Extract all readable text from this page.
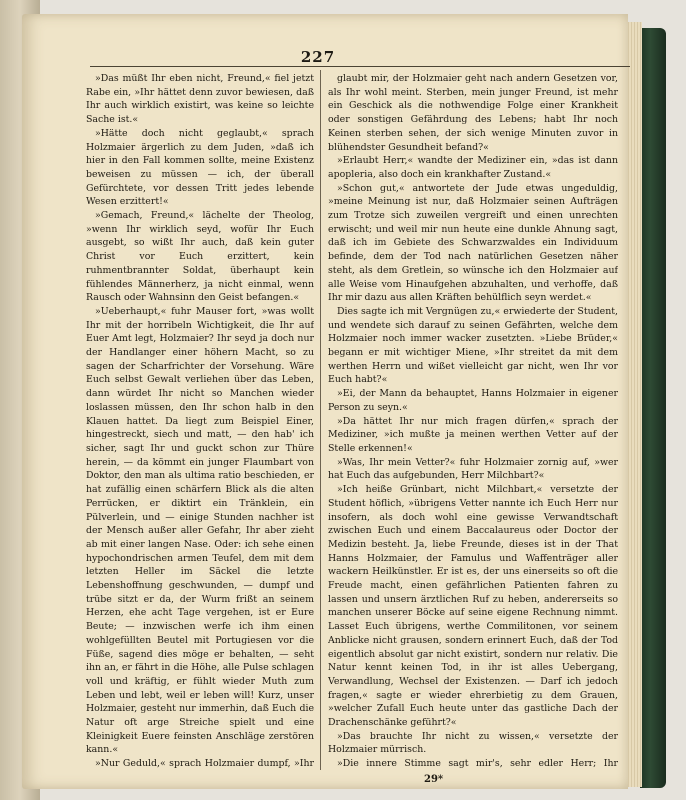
227

»Das müßt Ihr eben nicht, Freund,« fiel jetzt Rabe ein, »Ihr hättet denn zuvor bewiesen, daß Ihr auch wirklich existirt, was keine so leichte Sache ist.«

»Hätte doch nicht geglaubt,« sprach Holzmaier ärgerlich zu dem Juden, »daß ich hier in den Fall kommen sollte, meine Existenz beweisen zu müssen — ich, der überall Gefürchtete, vor dessen Tritt jedes lebende Wesen erzittert!«

»Gemach, Freund,« lächelte der Theolog, »wenn Ihr wirklich seyd, wofür Ihr Euch ausgebt, so wißt Ihr auch, daß kein guter Christ vor Euch erzittert, kein ruhmentbrannter Soldat, überhaupt kein fühlendes Männerherz, ja nicht einmal, wenn Rausch oder Wahnsinn den Geist befangen.«

»Ueberhaupt,« fuhr Mauser fort, »was wollt Ihr mit der horribeln Wichtigkeit, die Ihr auf Euer Amt legt, Holzmaier? Ihr seyd ja doch nur der Handlanger einer höhern Macht, so zu sagen der Scharfrichter der Vorsehung. Wäre Euch selbst Gewalt verliehen über das Leben, dann würdet Ihr nicht so Manchen wieder loslassen müssen, den Ihr schon halb in den Klauen hattet. Da liegt zum Beispiel Einer, hingestreckt, siech und matt, — den hab' ich sicher, sagt Ihr und guckt schon zur Thüre herein, — da kömmt ein junger Flaumbart von Doktor, den man als ultima ratio beschieden, er hat zufällig einen schärfern Blick als die alten Perrücken, er diktirt ein Tränklein, ein Pülverlein, und — einige Stunden nachher ist der Mensch außer aller Gefahr, Ihr aber zieht ab mit einer langen Nase. Oder: ich sehe einen hypochondrischen armen Teufel, dem mit dem letzten Heller im Säckel die letzte Lebenshoffnung geschwunden, — dumpf und trübe sitzt er da, der Wurm frißt an seinem Herzen, ehe acht Tage vergehen, ist er Eure Beute; — inzwischen werfe ich ihm einen wohlgefüllten Beutel mit Portugiesen vor die Füße, sagend dies möge er behalten, — seht ihn an, er fährt in die Höhe, alle Pulse schlagen voll und kräftig, er fühlt wieder Muth zum Leben und lebt, weil er leben will! Kurz, unser Holzmaier, gesteht nur immerhin, daß Euch die Natur oft arge Streiche spielt und eine Kleinigkeit Euere feinsten Anschläge zerstören kann.«

»Nur Geduld,« sprach Holzmaier dumpf, »Ihr

glaubt mir, der Holzmaier geht nach andern Gesetzen vor, als Ihr wohl meint. Sterben, mein junger Freund, ist mehr ein Geschick als die nothwendige Folge einer Krankheit oder sonstigen Gefährdung des Lebens; habt Ihr noch Keinen sterben sehen, der sich wenige Minuten zuvor in blühendster Gesundheit befand?«

»Erlaubt Herr,« wandte der Mediziner ein, »das ist dann apopleria, also doch ein krankhafter Zustand.«

»Schon gut,« antwortete der Jude etwas ungeduldig, »meine Meinung ist nur, daß Holzmaier seinen Aufträgen zum Trotze sich zuweilen vergreift und einen unrechten erwischt; und weil mir nun heute eine dunkle Ahnung sagt, daß ich im Gebiete des Schwarzwaldes ein Individuum befinde, dem der Tod nach natürlichen Gesetzen näher steht, als dem Gretlein, so wünsche ich den Holzmaier auf alle Weise vom Hinaufgehen abzuhalten, und verhoffe, daß Ihr mir dazu aus allen Kräften behülflich seyn werdet.«

Dies sagte ich mit Vergnügen zu,« erwiederte der Student, und wendete sich darauf zu seinen Gefährten, welche dem Holzmaier noch immer wacker zusetzten. »Liebe Brüder,« begann er mit wichtiger Miene, »Ihr streitet da mit dem werthen Herrn und wißet vielleicht gar nicht, wen Ihr vor Euch habt?«

»Ei, der Mann da behauptet, Hanns Holzmaier in eigener Person zu seyn.«

»Da hättet Ihr nur mich fragen dürfen,« sprach der Mediziner, »ich mußte ja meinen werthen Vetter auf der Stelle erkennen!«

»Was, Ihr mein Vetter?« fuhr Holzmaier zornig auf, »wer hat Euch das aufgebunden, Herr Milchbart?«

»Ich heiße Grünbart, nicht Milchbart,« versetzte der Student höflich, »übrigens Vetter nannte ich Euch Herr nur insofern, als doch wohl eine gewisse Verwandtschaft zwischen Euch und einem Baccalaureus oder Doctor der Medizin besteht. Ja, liebe Freunde, dieses ist in der That Hanns Holzmaier, der Famulus und Waffenträger aller wackern Heilkünstler. Er ist es, der uns einerseits so oft die Freude macht, einen gefährlichen Patienten fahren zu lassen und unsern ärztlichen Ruf zu heben, andererseits so manchen unserer Böcke auf seine eigene Rechnung nimmt. Lasset Euch übrigens, werthe Commilitonen, vor seinem Anblicke nicht grausen, sondern erinnert Euch, daß der Tod eigentlich absolut gar nicht existirt, sondern nur relativ. Die Natur kennt keinen Tod, in ihr ist alles Uebergang, Verwandlung, Wechsel der Existenzen. — Darf ich jedoch fragen,« sagte er wieder ehrerbietig zu dem Grauen, »welcher Zufall Euch heute unter das gastliche Dach der Drachenschänke geführt?«

»Das brauchte Ihr nicht zu wissen,« versetzte der Holzmaier mürrisch.

»Die innere Stimme sagt mir's, sehr edler Herr; Ihr

29*
